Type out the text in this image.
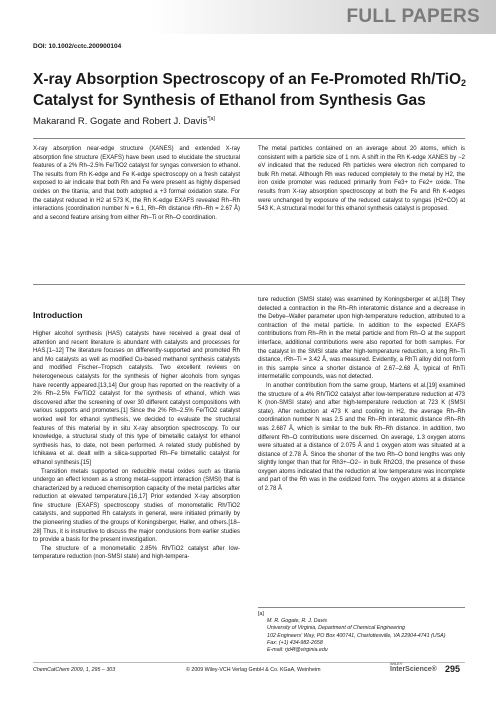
FULL PAPERS
DOI: 10.1002/cctc.200900104
X-ray Absorption Spectroscopy of an Fe-Promoted Rh/TiO$_2$
Catalyst for Synthesis of Ethanol from Synthesis Gas
Makarand R. Gogate and Robert J. Davis$^{*[a]}$

X-ray absorption near-edge structure (XANES) and extended X-ray absorption fine structure (EXAFS) have been used to elucidate the structural features of a 2% Rh–2.5% Fe/TiO2 catalyst for syngas conversion to ethanol. The results from Rh K-edge and Fe K-edge spectroscopy on a fresh catalyst exposed to air indicate that both Rh and Fe were present as highly dispersed oxides on the titania, and that both adopted a +3 formal oxidation state. For the catalyst reduced in H2 at 573 K, the Rh K-edge EXAFS revealed Rh–Rh interactions (coordination number N = 6.1, Rh–Rh distance rRh–Rh = 2.67 Å) and a second feature arising from either Rh–Ti or Rh–O coordination.

The metal particles contained on an average about 20 atoms, which is consistent with a particle size of 1 nm. A shift in the Rh K-edge XANES by −2 eV indicated that the reduced Rh particles were electron rich compared to bulk Rh metal. Although Rh was reduced completely to the metal by H2, the iron oxide promoter was reduced primarily from Fe3+ to Fe2+ oxide. The results from X-ray absorption spectroscopy at both the Fe and Rh K-edges were unchanged by exposure of the reduced catalyst to syngas (H2+CO) at 543 K. A structural model for this ethanol synthesis catalyst is proposed.

Introduction

Higher alcohol synthesis (HAS) catalysts have received a great deal of attention and recent literature is abundant with catalysts and processes for HAS.[1–12] The literature focuses on differently-supported and promoted Rh and Mo catalysts as well as modified Cu-based methanol synthesis catalysts and modified Fischer–Tropsch catalysts. Two excellent reviews on heterogeneous catalysts for the synthesis of higher alcohols from syngas have recently appeared.[13,14] Our group has reported on the reactivity of a 2% Rh–2.5% Fe/TiO2 catalyst for the synthesis of ethanol, which was discovered after the screening of over 30 different catalyst compositions with various supports and promoters.[1] Since the 2% Rh–2.5% Fe/TiO2 catalyst worked well for ethanol synthesis, we decided to evaluate the structural features of this material by in situ X-ray absorption spectroscopy. To our knowledge, a structural study of this type of bimetallic catalyst for ethanol synthesis has, to date, not been performed. A related study published by Ichikawa et al. dealt with a silica-supported Rh–Fe bimetallic catalyst for ethanol synthesis.[15]

Transition metals supported on reducible metal oxides such as titania undergo an effect known as a strong metal–support interaction (SMSI) that is characterized by a reduced chemisorption capacity of the metal particles after reduction at elevated temperature.[16,17] Prior extended X-ray absorption fine structure (EXAFS) spectroscopy studies of monometallic Rh/TiO2 catalysts, and supported Rh catalysts in general, were initiated primarily by the pioneering studies of the groups of Koningsberger, Haller, and others.[18–28] Thus, it is instructive to discuss the major conclusions from earlier studies to provide a basis for the present investigation.

The structure of a monometallic 2.85% Rh/TiO2 catalyst after low-temperature reduction (non-SMSI state) and high-tempera-

ture reduction (SMSI state) was examined by Koningsberger et al.[18] They detected a contraction in the Rh–Rh interatomic distance and a decrease in the Debye–Waller parameter upon high-temperature reduction, attributed to a contraction of the metal particle. In addition to the expected EXAFS contributions from Rh–Rh in the metal particle and from Rh–O at the support interface, additional contributions were also reported for both samples. For the catalyst in the SMSI state after high-temperature reduction, a long Rh–Ti distance, rRh–Ti = 3.42 Å, was measured. Evidently, a RhTi alloy did not form in this sample since a shorter distance of 2.67–2.68 Å, typical of RhTi intermetallic compounds, was not detected.

In another contribution from the same group, Martens et al.[19] examined the structure of a 4% Rh/TiO2 catalyst after low-temperature reduction at 473 K (non-SMSI state) and after high-temperature reduction at 723 K (SMSI state). After reduction at 473 K and cooling in H2, the average Rh–Rh coordination number N was 2.5 and the Rh–Rh interatomic distance rRh–Rh was 2.687 Å, which is similar to the bulk Rh–Rh distance. In addition, two different Rh–O contributions were discerned. On average, 1.3 oxygen atoms were situated at a distance of 2.075 Å and 1 oxygen atom was situated at a distance of 2.78 Å. Since the shorter of the two Rh–O bond lengths was only slightly longer than that for Rh3+–O2− in bulk Rh2O3, the presence of these oxygen atoms indicated that the reduction at low temperature was incomplete and part of the Rh was in the oxidized form. The oxygen atoms at a distance of 2.78 Å

[a]
M. R. Gogate, R. J. Davis
University of Virginia, Department of Chemical Engineering
102 Engineers' Way, PO Box 400741, Charlottesville, VA 22904-4741 (USA)
Fax: (+1) 434-982-2658
E-mail: rjd4f@virginia.edu
ChemCatChem 2009, 1, 295 – 303	© 2009 Wiley-VCH Verlag GmbH & Co. KGaA, Weinheim
WILEY
InterScience® 295
